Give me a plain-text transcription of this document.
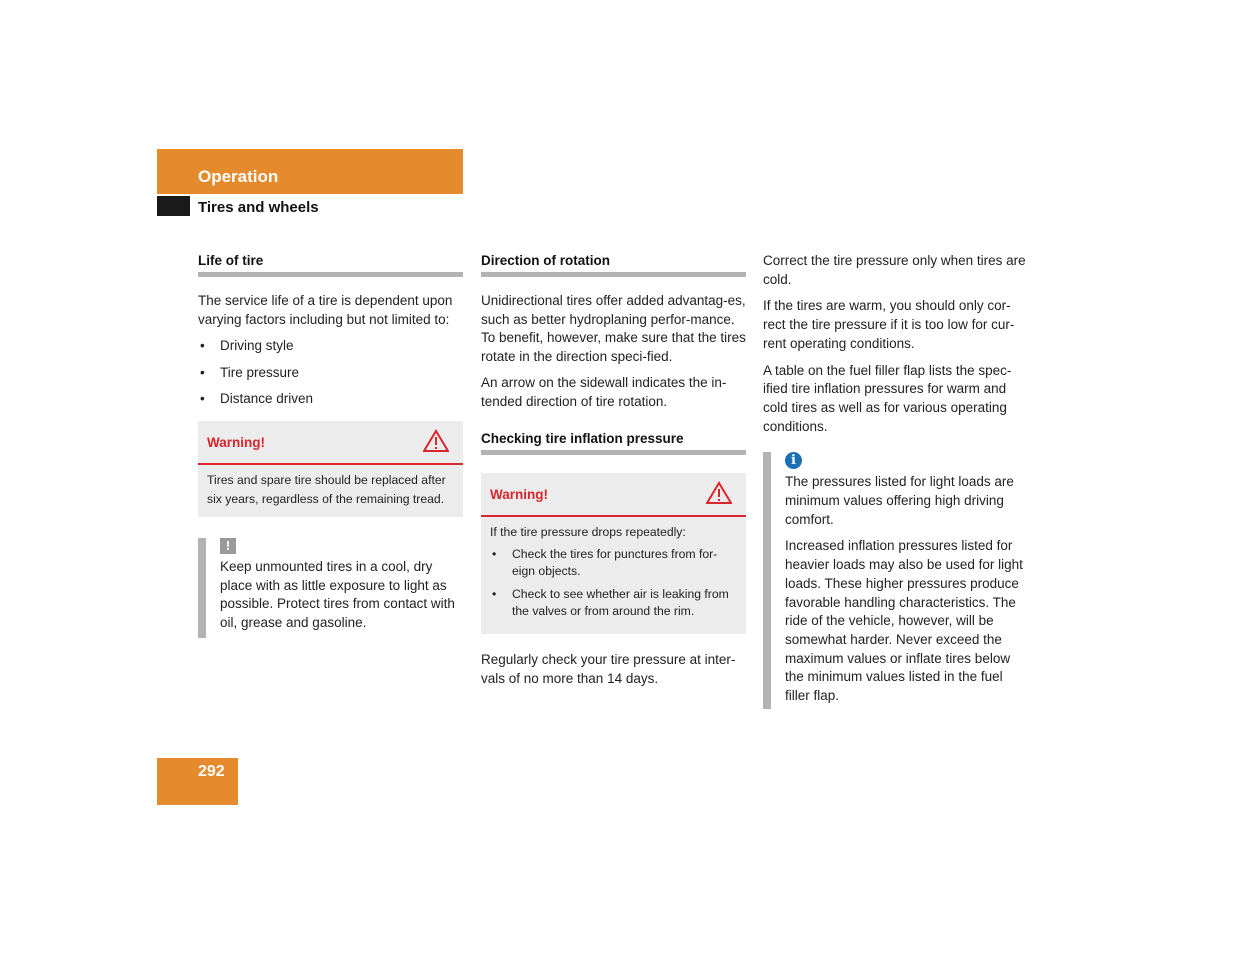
Operation
Tires and wheels
Life of tire

The service life of a tire is dependent upon varying factors including but not limited to:

• Driving style
• Tire pressure
• Distance driven
Warning!
Tires and spare tire should be replaced after six years, regardless of the remaining tread.
!

Keep unmounted tires in a cool, dry place with as little exposure to light as possible. Protect tires from contact with oil, grease and gasoline.

Direction of rotation

Unidirectional tires offer added advantag-es, such as better hydroplaning perfor-mance. To benefit, however, make sure that the tires rotate in the direction speci-fied.

An arrow on the sidewall indicates the in-tended direction of tire rotation.

Checking tire inflation pressure
Warning!
If the tire pressure drops repeatedly:
• Check the tires for punctures from for-eign objects.
• Check to see whether air is leaking from the valves or from around the rim.

Regularly check your tire pressure at inter-vals of no more than 14 days.

Correct the tire pressure only when tires are cold.

If the tires are warm, you should only cor-rect the tire pressure if it is too low for cur-rent operating conditions.

A table on the fuel filler flap lists the spec-ified tire inflation pressures for warm and cold tires as well as for various operating conditions.

i

The pressures listed for light loads are minimum values offering high driving comfort.

Increased inflation pressures listed for heavier loads may also be used for light loads. These higher pressures produce favorable handling characteristics. The ride of the vehicle, however, will be somewhat harder. Never exceed the maximum values or inflate tires below the minimum values listed in the fuel filler flap.

292
